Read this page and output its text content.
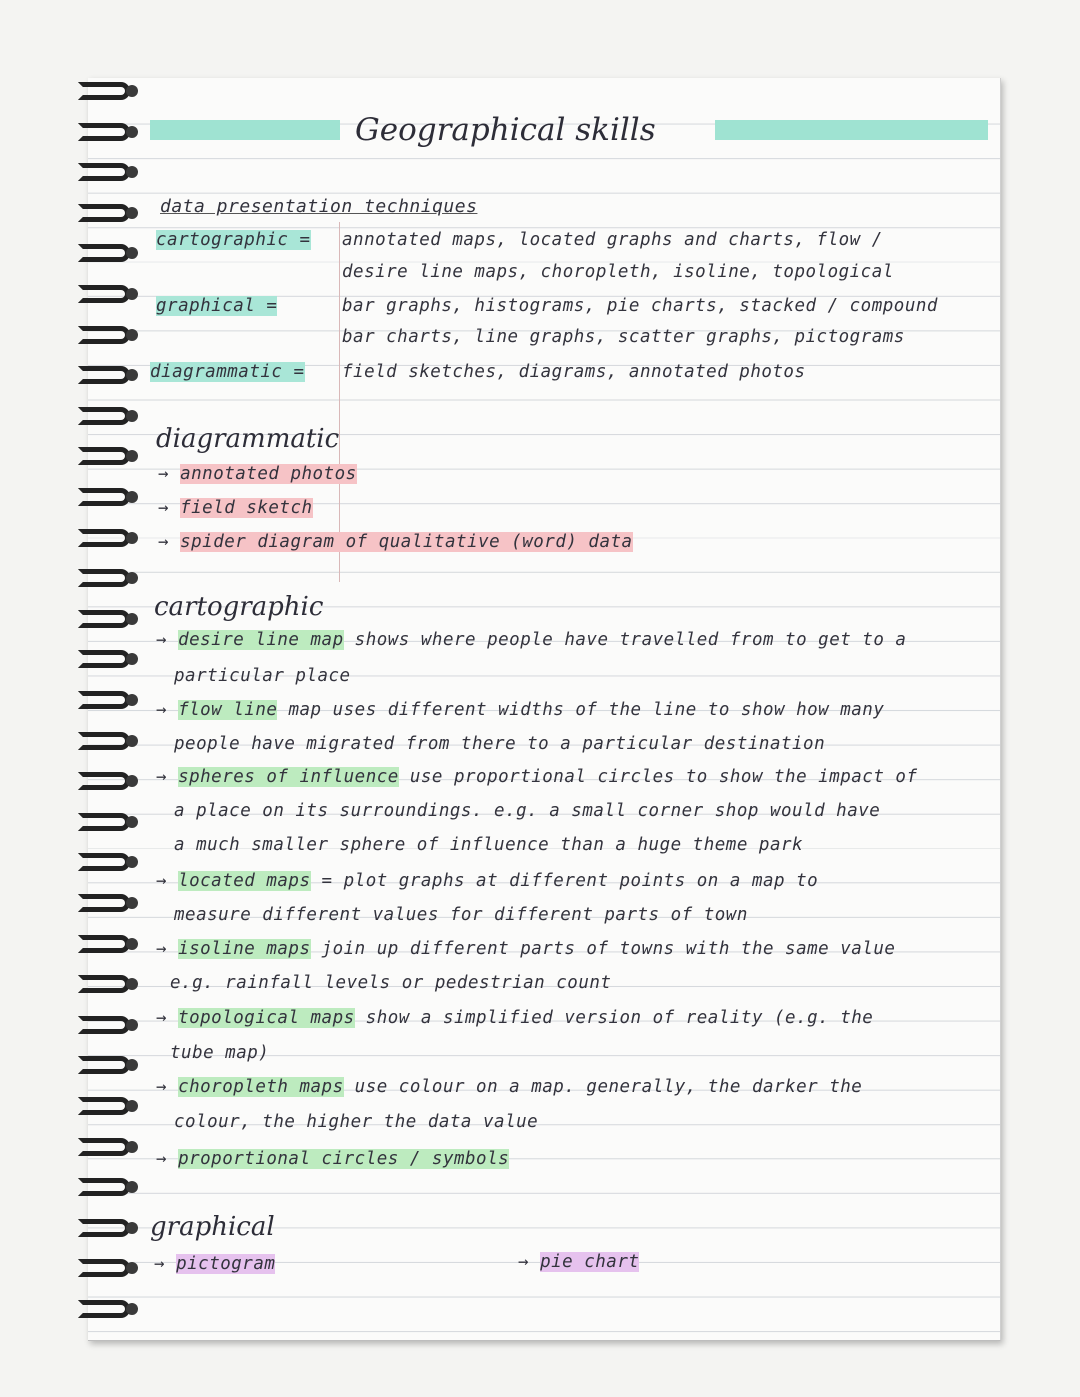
Geographical skills
data presentation techniques
cartographic = annotated maps, located graphs and charts, flow /
desire line maps, choropleth, isoline, topological
graphical =	bar graphs, histograms, pie charts, stacked / compound
bar charts, line graphs, scatter graphs, pictograms
diagrammatic = field sketches, diagrams, annotated photos
diagrammatic
→ annotated photos
→ field sketch
→ spider diagram of qualitative (word) data
cartographic
→ desire line map shows where people have travelled from to get to a
particular place
→ flow line map uses different widths of the line to show how many
people have migrated from there to a particular destination
→ spheres of influence use proportional circles to show the impact of
a place on its surroundings. e.g. a small corner shop would have
a much smaller sphere of influence than a huge theme park
→ located maps = plot graphs at different points on a map to
measure different values for different parts of town
→ isoline maps join up different parts of towns with the same value
e.g. rainfall levels or pedestrian count
→ topological maps show a simplified version of reality (e.g. the
tube map)
→ choropleth maps use colour on a map. generally, the darker the
colour, the higher the data value
→ proportional circles / symbols
graphical
→ pictogram	→ pie chart
